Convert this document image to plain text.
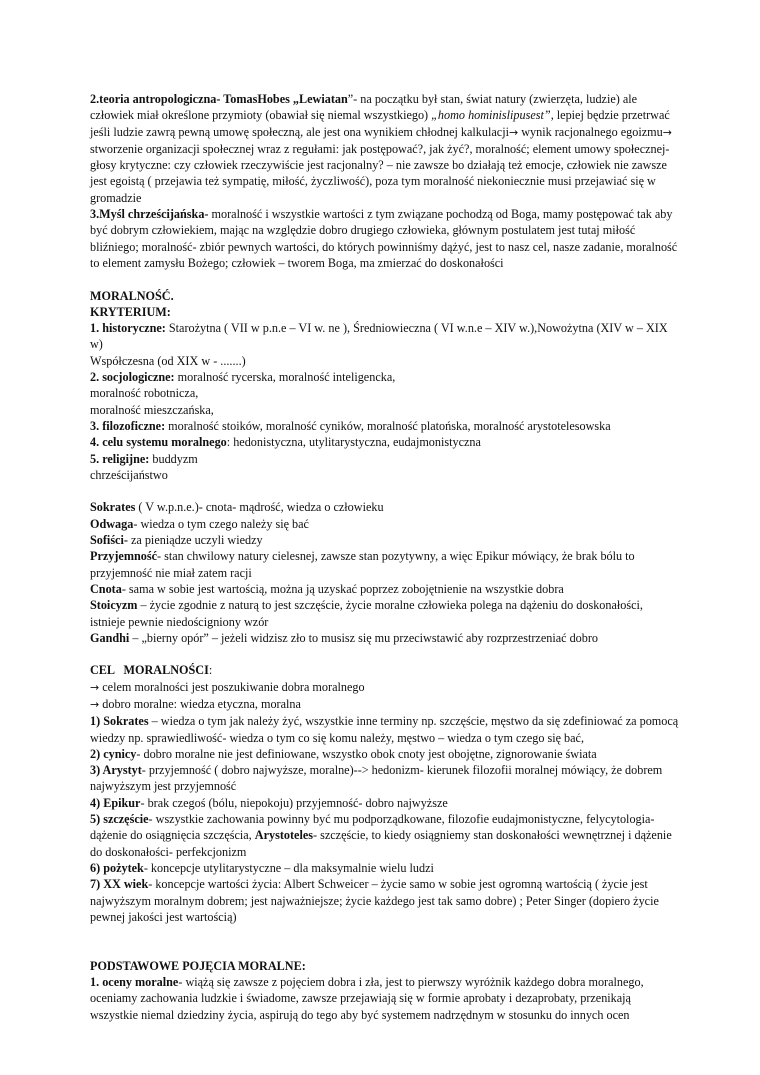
2.teoria antropologiczna- TomasHobes „Lewiatan”- na początku był stan, świat natury (zwierzęta, ludzie) ale człowiek miał określone przymioty (obawiał się niemal wszystkiego) „homo hominislipusest”, lepiej będzie przetrwać jeśli ludzie zawrą pewną umowę społeczną, ale jest ona wynikiem chłodnej kalkulacji→ wynik racjonalnego egoizmu→ stworzenie organizacji społecznej wraz z regułami: jak postępować?, jak żyć?, moralność; element umowy społecznej- głosy krytyczne: czy człowiek rzeczywiście jest racjonalny? – nie zawsze bo działają też emocje, człowiek nie zawsze jest egoistą ( przejawia też sympatię, miłość, życzliwość), poza tym moralność niekoniecznie musi przejawiać się w gromadzie

3.Myśl chrześcijańska- moralność i wszystkie wartości z tym związane pochodzą od Boga, mamy postępować tak aby być dobrym człowiekiem, mając na względzie dobro drugiego człowieka, głównym postulatem jest tutaj miłość bliźniego; moralność- zbiór pewnych wartości, do których powinniśmy dążyć, jest to nasz cel, nasze zadanie, moralność to element zamysłu Bożego; człowiek – tworem Boga, ma zmierzać do doskonałości

MORALNOŚĆ.

KRYTERIUM:

1. historyczne: Starożytna ( VII w p.n.e – VI w. ne ), Średniowieczna ( VI w.n.e – XIV w.),Nowożytna (XIV w – XIX w)

Współczesna (od XIX w - .......)

2. socjologiczne: moralność rycerska, moralność inteligencka,

moralność robotnicza,

moralność mieszczańska,

3. filozoficzne: moralność stoików, moralność cyników, moralność platońska, moralność arystotelesowska

4. celu systemu moralnego: hedonistyczna, utylitarystyczna, eudajmonistyczna

5. religijne: buddyzm

chrześcijaństwo

Sokrates ( V w.p.n.e.)- cnota- mądrość, wiedza o człowieku

Odwaga- wiedza o tym czego należy się bać

Sofiści- za pieniądze uczyli wiedzy

Przyjemność- stan chwilowy natury cielesnej, zawsze stan pozytywny, a więc Epikur mówiący, że brak bólu to przyjemność nie miał zatem racji

Cnota- sama w sobie jest wartością, można ją uzyskać poprzez zobojętnienie na wszystkie dobra

Stoicyzm – życie zgodnie z naturą to jest szczęście, życie moralne człowieka polega na dążeniu do doskonałości, istnieje pewnie niedościgniony wzór

Gandhi – „bierny opór” – jeżeli widzisz zło to musisz się mu przeciwstawić aby rozprzestrzeniać dobro

CEL   MORALNOŚCI:

→ celem moralności jest poszukiwanie dobra moralnego

→ dobro moralne: wiedza etyczna, moralna

1) Sokrates – wiedza o tym jak należy żyć, wszystkie inne terminy np. szczęście, męstwo da się zdefiniować za pomocą wiedzy np. sprawiedliwość- wiedza o tym co się komu należy, męstwo – wiedza o tym czego się bać,

2) cynicy- dobro moralne nie jest definiowane, wszystko obok cnoty jest obojętne, zignorowanie świata

3) Arystyt- przyjemność ( dobro najwyższe, moralne)--> hedonizm- kierunek filozofii moralnej mówiący, że dobrem najwyższym jest przyjemność

4) Epikur- brak czegoś (bólu, niepokoju) przyjemność- dobro najwyższe

5) szczęście- wszystkie zachowania powinny być mu podporządkowane, filozofie eudajmonistyczne, felycytologia- dążenie do osiągnięcia szczęścia, Arystoteles- szczęście, to kiedy osiągniemy stan doskonałości wewnętrznej i dążenie do doskonałości- perfekcjonizm

6) pożytek- koncepcje utylitarystyczne – dla maksymalnie wielu ludzi

7) XX wiek- koncepcje wartości życia: Albert Schweicer – życie samo w sobie jest ogromną wartością ( życie jest najwyższym moralnym dobrem; jest najważniejsze; życie każdego jest tak samo dobre) ; Peter Singer (dopiero życie pewnej jakości jest wartością)

PODSTAWOWE POJĘCIA MORALNE:

1. oceny moralne- wiążą się zawsze z pojęciem dobra i zła, jest to pierwszy wyróżnik każdego dobra moralnego, oceniamy zachowania ludzkie i świadome, zawsze przejawiają się w formie aprobaty i dezaprobaty, przenikają wszystkie niemal dziedziny życia, aspirują do tego aby być systemem nadrzędnym w stosunku do innych ocen
